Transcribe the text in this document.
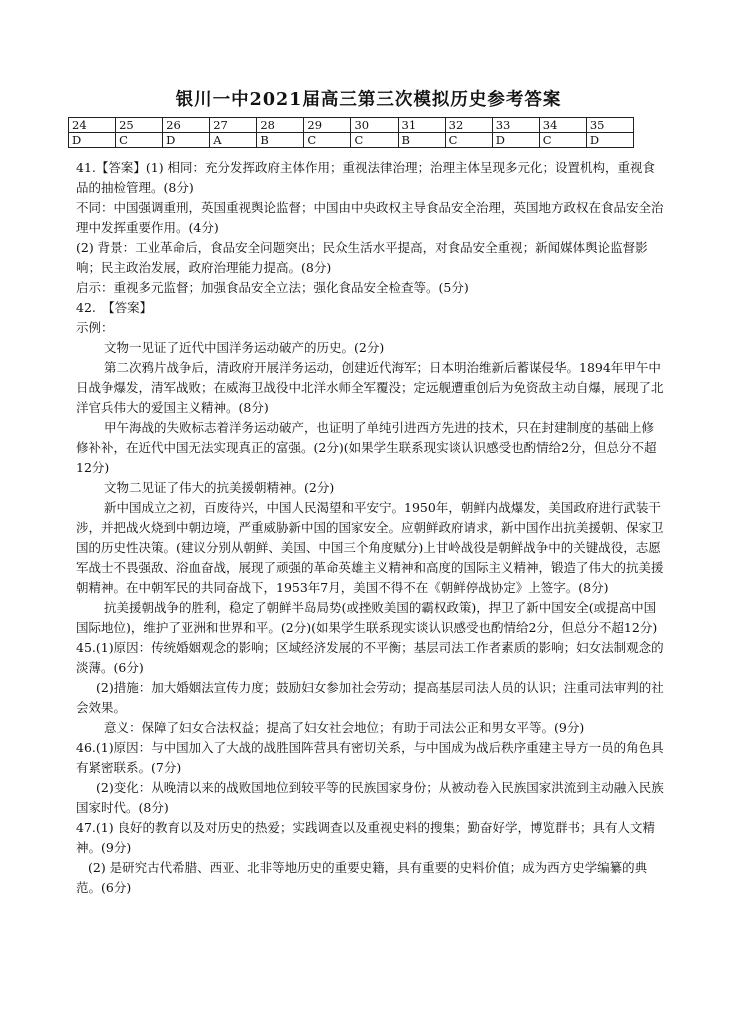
银川一中2021届高三第三次模拟历史参考答案
24	25	26	27	28	29	30	31	32	33	34	35
D	C	D	A	B	C	C	B	C	D	C	D

41.【答案】(1) 相同：充分发挥政府主体作用；重视法律治理；治理主体呈现多元化；设置机构，重视食品的抽检管理。(8分)

不同：中国强调重刑，英国重视舆论监督；中国由中央政权主导食品安全治理，英国地方政权在食品安全治理中发挥重要作用。(4分)

(2) 背景：工业革命后，食品安全问题突出；民众生活水平提高，对食品安全重视；新闻媒体舆论监督影响；民主政治发展，政府治理能力提高。(8分)

启示：重视多元监督；加强食品安全立法；强化食品安全检查等。(5分)

42.　【答案】

示例：

文物一见证了近代中国洋务运动破产的历史。(2分)

第二次鸦片战争后，清政府开展洋务运动，创建近代海军；日本明治维新后蓄谋侵华。1894年甲午中日战争爆发，清军战败；在威海卫战役中北洋水师全军覆没；定远舰遭重创后为免资敌主动自爆，展现了北洋官兵伟大的爱国主义精神。(8分)

甲午海战的失败标志着洋务运动破产，也证明了单纯引进西方先进的技术，只在封建制度的基础上修修补补，在近代中国无法实现真正的富强。(2分)(如果学生联系现实谈认识感受也酌情给2分，但总分不超12分)

文物二见证了伟大的抗美援朝精神。(2分)

新中国成立之初，百废待兴，中国人民渴望和平安宁。1950年，朝鲜内战爆发，美国政府进行武装干涉，并把战火烧到中朝边境，严重威胁新中国的国家安全。应朝鲜政府请求，新中国作出抗美援朝、保家卫国的历史性决策。(建议分别从朝鲜、美国、中国三个角度赋分)上甘岭战役是朝鲜战争中的关键战役，志愿军战士不畏强敌、浴血奋战，展现了顽强的革命英雄主义精神和高度的国际主义精神，锻造了伟大的抗美援朝精神。在中朝军民的共同奋战下，1953年7月，美国不得不在《朝鲜停战协定》上签字。(8分)

抗美援朝战争的胜利，稳定了朝鲜半岛局势(或挫败美国的霸权政策)，捍卫了新中国安全(或提高中国国际地位)，维护了亚洲和世界和平。(2分)(如果学生联系现实谈认识感受也酌情给2分，但总分不超12分)

45.(1)原因：传统婚姻观念的影响；区域经济发展的不平衡；基层司法工作者素质的影响；妇女法制观念的淡薄。(6分)

(2)措施：加大婚姻法宣传力度；鼓励妇女参加社会劳动；提高基层司法人员的认识；注重司法审判的社会效果。

意义：保障了妇女合法权益；提高了妇女社会地位；有助于司法公正和男女平等。(9分)

46.(1)原因：与中国加入了大战的战胜国阵营具有密切关系，与中国成为战后秩序重建主导方一员的角色具有紧密联系。(7分)

(2)变化：从晚清以来的战败国地位到较平等的民族国家身份；从被动卷入民族国家洪流到主动融入民族国家时代。(8分)

47.(1) 良好的教育以及对历史的热爱；实践调查以及重视史料的搜集；勤奋好学，博览群书；具有人文精神。(9分)

(2) 是研究古代希腊、西亚、北非等地历史的重要史籍，具有重要的史料价值；成为西方史学编纂的典范。(6分)
